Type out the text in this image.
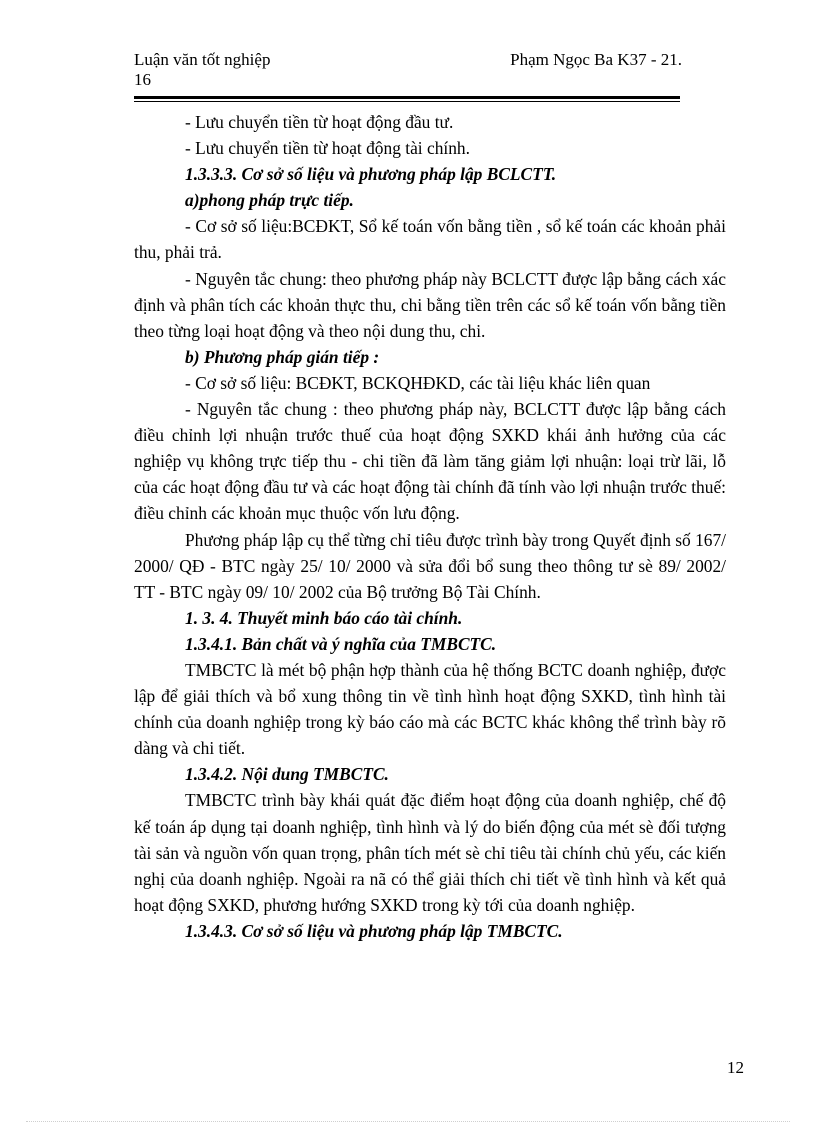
Luận văn tốt nghiệp	Phạm Ngọc Ba K37 - 21.
16

- Lưu chuyển tiền từ hoạt động đầu tư.

- Lưu chuyển tiền từ hoạt động tài chính.

1.3.3.3. Cơ sở số liệu và phương pháp lập BCLCTT.

a)phong pháp trực tiếp.

- Cơ sở số liệu:BCĐKT, Sổ kế toán vốn bằng tiền , sổ kế toán các khoản phải thu, phải trả.

- Nguyên tắc chung: theo phương pháp này BCLCTT được lập bằng cách xác định và phân tích các khoản thực thu, chi bằng tiền trên các sổ kế toán vốn bằng tiền theo từng loại hoạt động và theo nội dung thu, chi.

b) Phương pháp gián tiếp :

- Cơ sở số liệu: BCĐKT, BCKQHĐKD, các tài liệu khác liên quan

- Nguyên tắc chung : theo phương pháp này, BCLCTT được lập bằng cách điều chỉnh lợi nhuận trước thuế của hoạt động SXKD khái ảnh hưởng của các nghiệp vụ không trực tiếp thu - chi tiền đã làm tăng giảm lợi nhuận: loại trừ lãi, lỗ của các hoạt động đầu tư và các hoạt động tài chính đã tính vào lợi nhuận trước thuế: điều chỉnh các khoản mục thuộc vốn lưu động.

Phương pháp lập cụ thể từng chỉ tiêu được trình bày trong Quyết định số 167/ 2000/ QĐ - BTC ngày 25/ 10/ 2000 và sửa đổi bổ sung theo thông tư sè 89/ 2002/ TT - BTC ngày 09/ 10/ 2002 của Bộ trưởng Bộ Tài Chính.

1. 3. 4. Thuyết minh báo cáo tài chính.

1.3.4.1. Bản chất và ý nghĩa của TMBCTC.

TMBCTC là mét bộ phận hợp thành của hệ thống BCTC doanh nghiệp, được lập để giải thích và bổ xung thông tin về tình hình hoạt động SXKD, tình hình tài chính của doanh nghiệp trong kỳ báo cáo mà các BCTC khác không thể trình bày rõ dàng và chi tiết.

1.3.4.2. Nội dung TMBCTC.

TMBCTC trình bày khái quát đặc điểm hoạt động của doanh nghiệp, chế độ kế toán áp dụng tại doanh nghiệp, tình hình và lý do biến động của mét sè đối tượng tài sản và nguồn vốn quan trọng, phân tích mét sè chỉ tiêu tài chính chủ yếu, các kiến nghị của doanh nghiệp. Ngoài ra nã có thể giải thích chi tiết về tình hình và kết quả hoạt động SXKD, phương hướng SXKD trong kỳ tới của doanh nghiệp.

1.3.4.3. Cơ sở số liệu và phương pháp lập TMBCTC.

12
